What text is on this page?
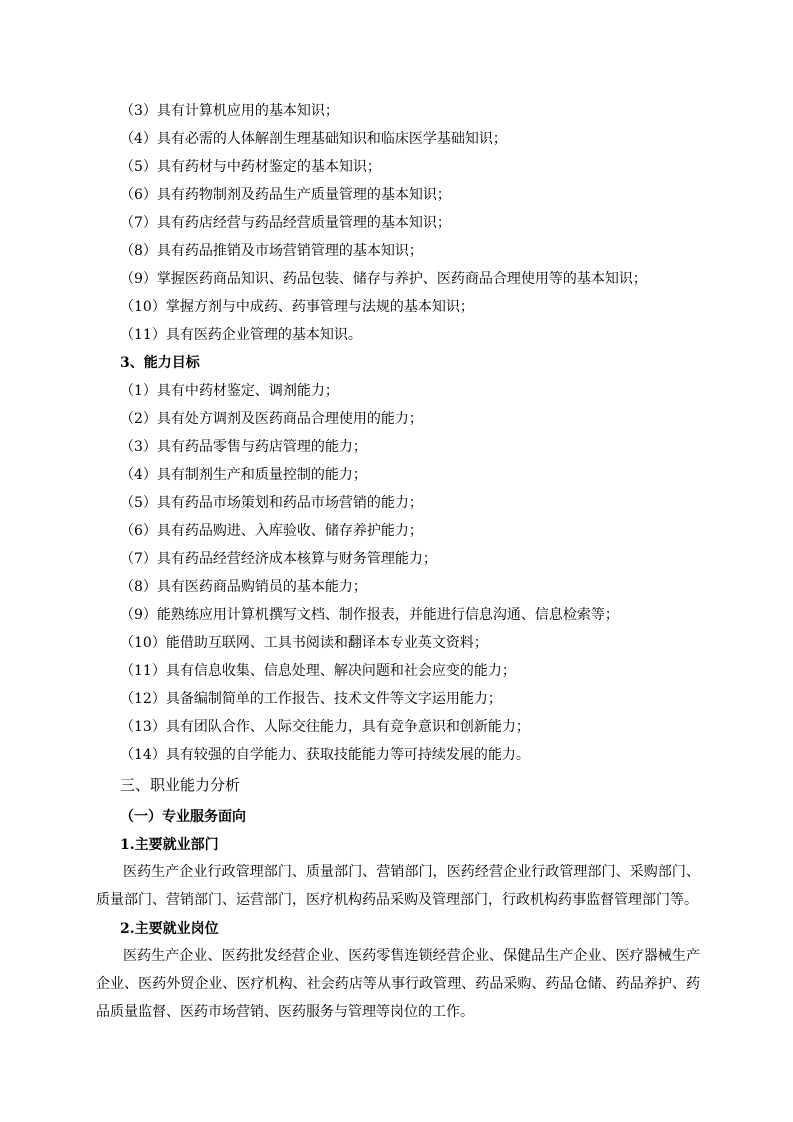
（3）具有计算机应用的基本知识；
（4）具有必需的人体解剖生理基础知识和临床医学基础知识；
（5）具有药材与中药材鉴定的基本知识；
（6）具有药物制剂及药品生产质量管理的基本知识；
（7）具有药店经营与药品经营质量管理的基本知识；
（8）具有药品推销及市场营销管理的基本知识；
（9）掌握医药商品知识、药品包装、储存与养护、医药商品合理使用等的基本知识；
（10）掌握方剂与中成药、药事管理与法规的基本知识；
（11）具有医药企业管理的基本知识。
3、能力目标
（1）具有中药材鉴定、调剂能力；
（2）具有处方调剂及医药商品合理使用的能力；
（3）具有药品零售与药店管理的能力；
（4）具有制剂生产和质量控制的能力；
（5）具有药品市场策划和药品市场营销的能力；
（6）具有药品购进、入库验收、储存养护能力；
（7）具有药品经营经济成本核算与财务管理能力；
（8）具有医药商品购销员的基本能力；
（9）能熟练应用计算机撰写文档、制作报表，并能进行信息沟通、信息检索等；
（10）能借助互联网、工具书阅读和翻译本专业英文资料；
（11）具有信息收集、信息处理、解决问题和社会应变的能力；
（12）具备编制简单的工作报告、技术文件等文字运用能力；
（13）具有团队合作、人际交往能力，具有竞争意识和创新能力；
（14）具有较强的自学能力、获取技能能力等可持续发展的能力。
三、职业能力分析
（一）专业服务面向
1.主要就业部门
医药生产企业行政管理部门、质量部门、营销部门，医药经营企业行政管理部门、采购部门、质量部门、营销部门、运营部门，医疗机构药品采购及管理部门，行政机构药事监督管理部门等。
2.主要就业岗位
医药生产企业、医药批发经营企业、医药零售连锁经营企业、保健品生产企业、医疗器械生产企业、医药外贸企业、医疗机构、社会药店等从事行政管理、药品采购、药品仓储、药品养护、药品质量监督、医药市场营销、医药服务与管理等岗位的工作。
